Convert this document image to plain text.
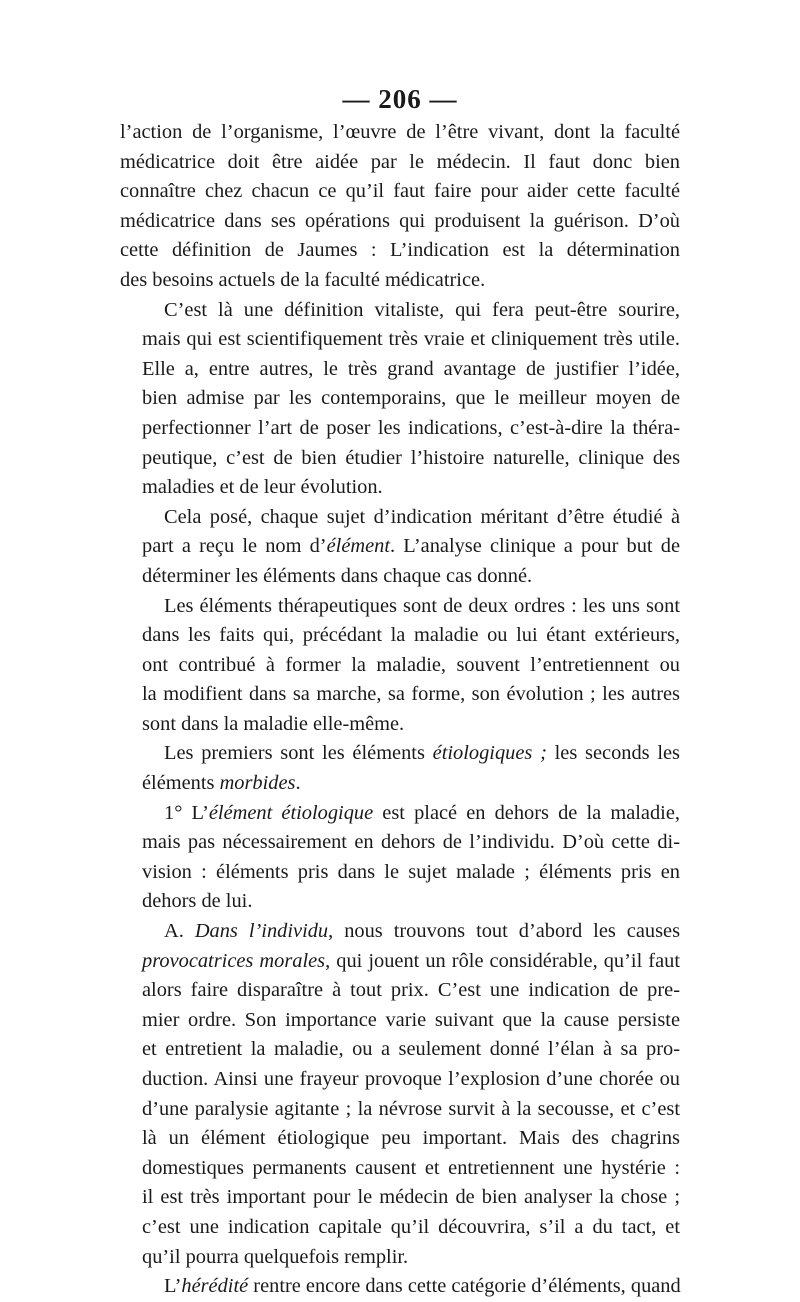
— 206 —
l’action de l’organisme, l’œuvre de l’être vivant, dont la faculté
médicatrice doit être aidée par le médecin. Il faut donc bien
connaître chez chacun ce qu’il faut faire pour aider cette faculté
médicatrice dans ses opérations qui produisent la guérison. D’où
cette définition de Jaumes : L’indication est la détermination
des besoins actuels de la faculté médicatrice.
C’est là une définition vitaliste, qui fera peut-être sourire,
mais qui est scientifiquement très vraie et cliniquement très utile.
Elle a, entre autres, le très grand avantage de justifier l’idée,
bien admise par les contemporains, que le meilleur moyen de
perfectionner l’art de poser les indications, c’est-à-dire la théra-
peutique, c’est de bien étudier l’histoire naturelle, clinique des
maladies et de leur évolution.
Cela posé, chaque sujet d’indication méritant d’être étudié à
part a reçu le nom d’élément. L’analyse clinique a pour but de
déterminer les éléments dans chaque cas donné.
Les éléments thérapeutiques sont de deux ordres : les uns sont
dans les faits qui, précédant la maladie ou lui étant extérieurs,
ont contribué à former la maladie, souvent l’entretiennent ou
la modifient dans sa marche, sa forme, son évolution ; les autres
sont dans la maladie elle-même.
Les premiers sont les éléments étiologiques ; les seconds les
éléments morbides.
1° L’élément étiologique est placé en dehors de la maladie,
mais pas nécessairement en dehors de l’individu. D’où cette di-
vision : éléments pris dans le sujet malade ; éléments pris en
dehors de lui.
A. Dans l’individu, nous trouvons tout d’abord les causes
provocatrices morales, qui jouent un rôle considérable, qu’il faut
alors faire disparaître à tout prix. C’est une indication de pre-
mier ordre. Son importance varie suivant que la cause persiste
et entretient la maladie, ou a seulement donné l’élan à sa pro-
duction. Ainsi une frayeur provoque l’explosion d’une chorée ou
d’une paralysie agitante ; la névrose survit à la secousse, et c’est
là un élément étiologique peu important. Mais des chagrins
domestiques permanents causent et entretiennent une hystérie :
il est très important pour le médecin de bien analyser la chose ;
c’est une indication capitale qu’il découvrira, s’il a du tact, et
qu’il pourra quelquefois remplir.
L’hérédité rentre encore dans cette catégorie d’éléments, quand
